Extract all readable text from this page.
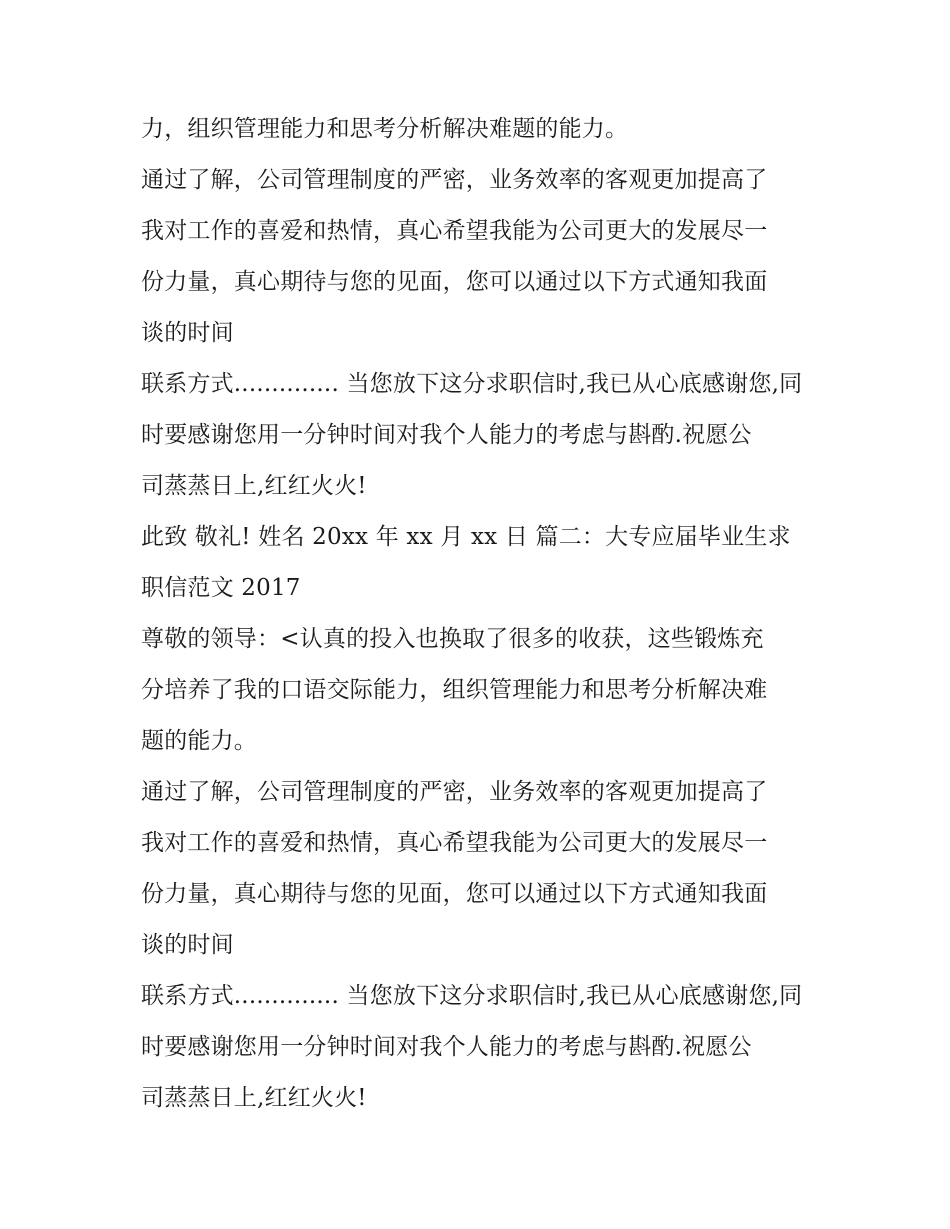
力，组织管理能力和思考分析解决难题的能力。
通过了解，公司管理制度的严密，业务效率的客观更加提高了
我对工作的喜爱和热情，真心希望我能为公司更大的发展尽一
份力量，真心期待与您的见面，您可以通过以下方式通知我面
谈的时间
联系方式.............. 当您放下这分求职信时,我已从心底感谢您,同
时要感谢您用一分钟时间对我个人能力的考虑与斟酌.祝愿公
司蒸蒸日上,红红火火!
此致 敬礼! 姓名 20xx 年 xx 月 xx 日 篇二：大专应届毕业生求
职信范文 2017
尊敬的领导：<认真的投入也换取了很多的收获，这些锻炼充
分培养了我的口语交际能力，组织管理能力和思考分析解决难
题的能力。
通过了解，公司管理制度的严密，业务效率的客观更加提高了
我对工作的喜爱和热情，真心希望我能为公司更大的发展尽一
份力量，真心期待与您的见面，您可以通过以下方式通知我面
谈的时间
联系方式.............. 当您放下这分求职信时,我已从心底感谢您,同
时要感谢您用一分钟时间对我个人能力的考虑与斟酌.祝愿公
司蒸蒸日上,红红火火!
